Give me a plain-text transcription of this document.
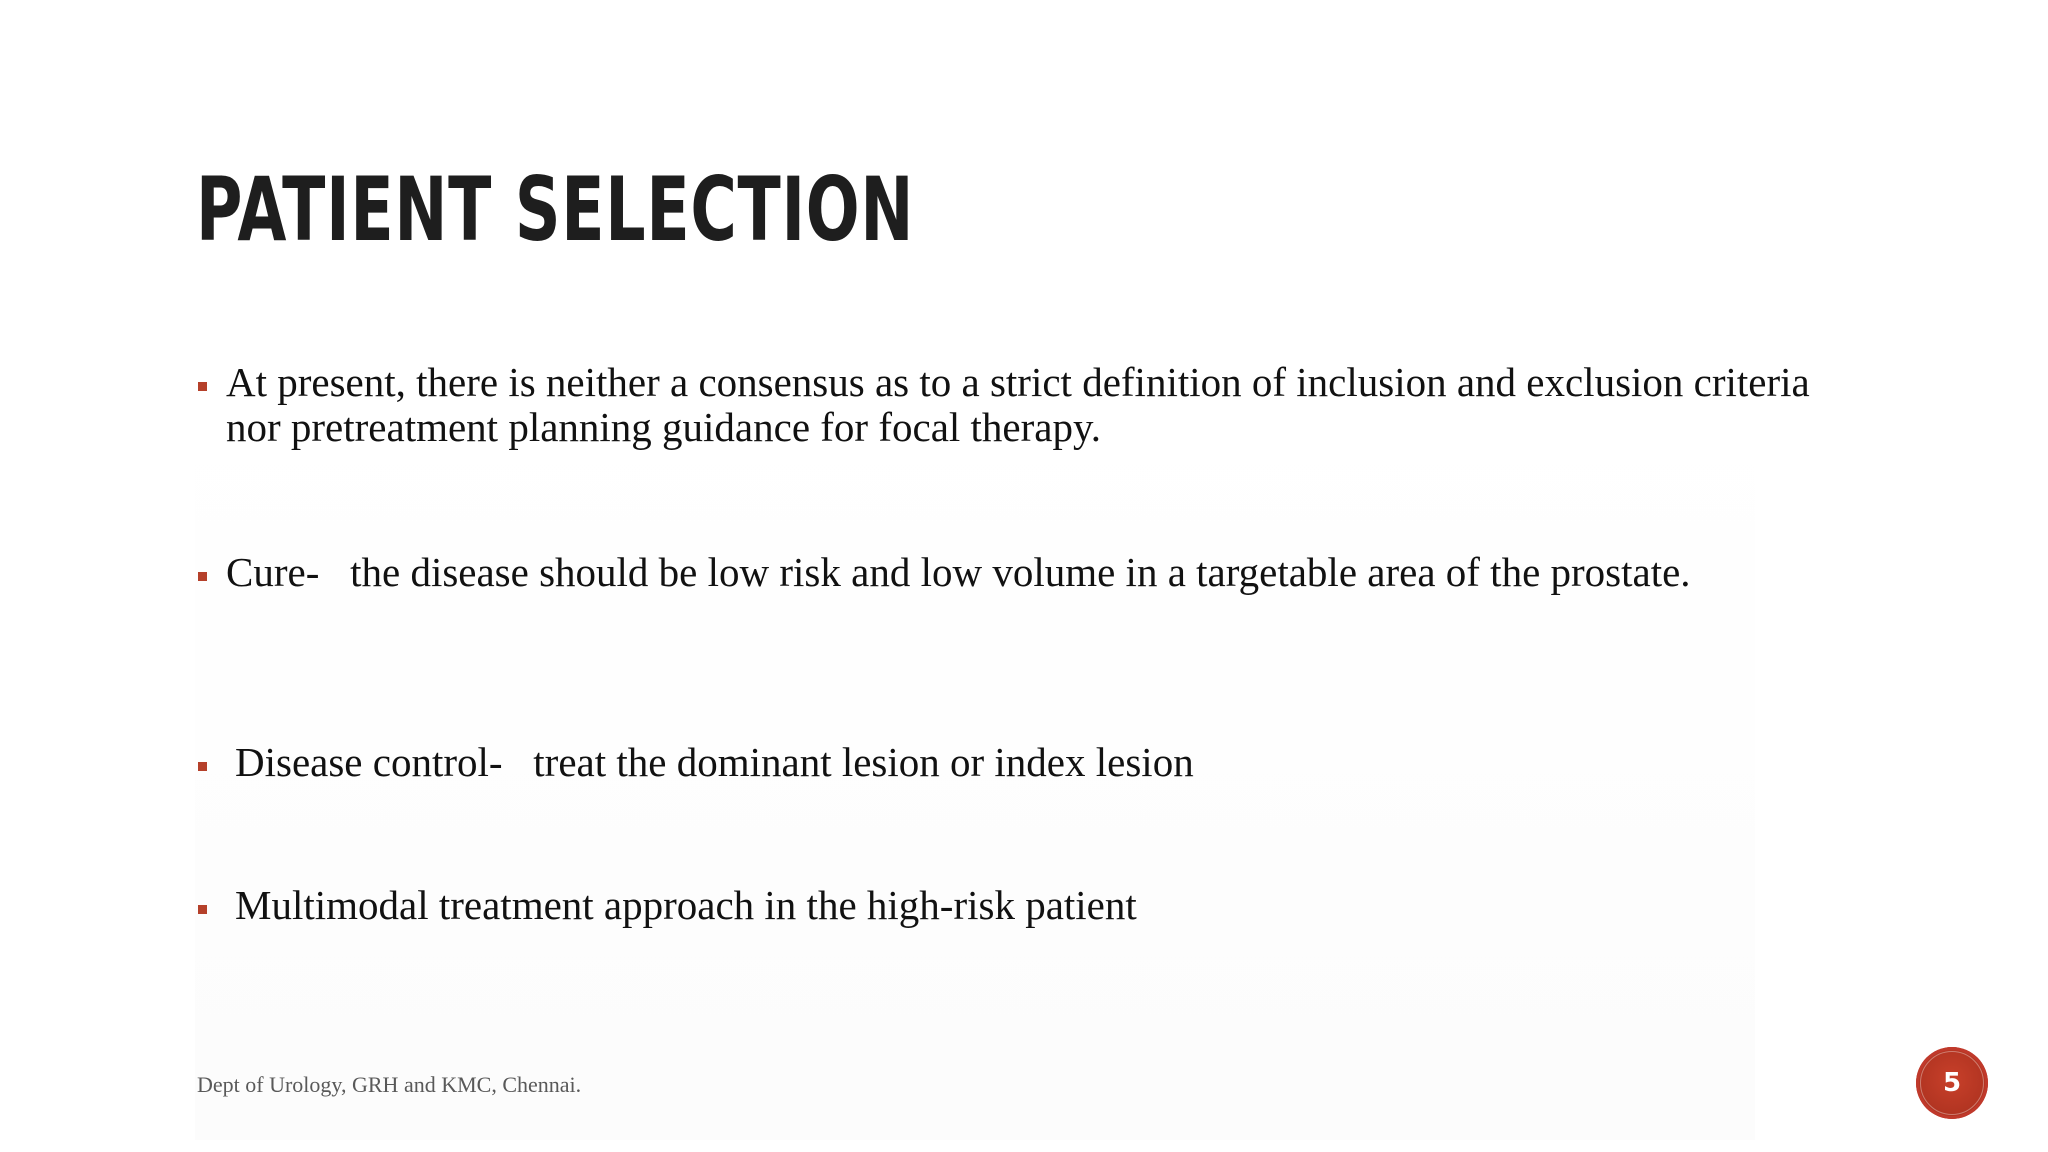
PATIENT SELECTION
At present, there is neither a consensus as to a strict definition of inclusion and exclusion criteria nor pretreatment planning guidance for focal therapy.
Cure-   the disease should be low risk and low volume in a targetable area of the prostate.
Disease control-   treat the dominant lesion or index lesion
Multimodal treatment approach in the high-risk patient
Dept of Urology, GRH and KMC, Chennai.	5
